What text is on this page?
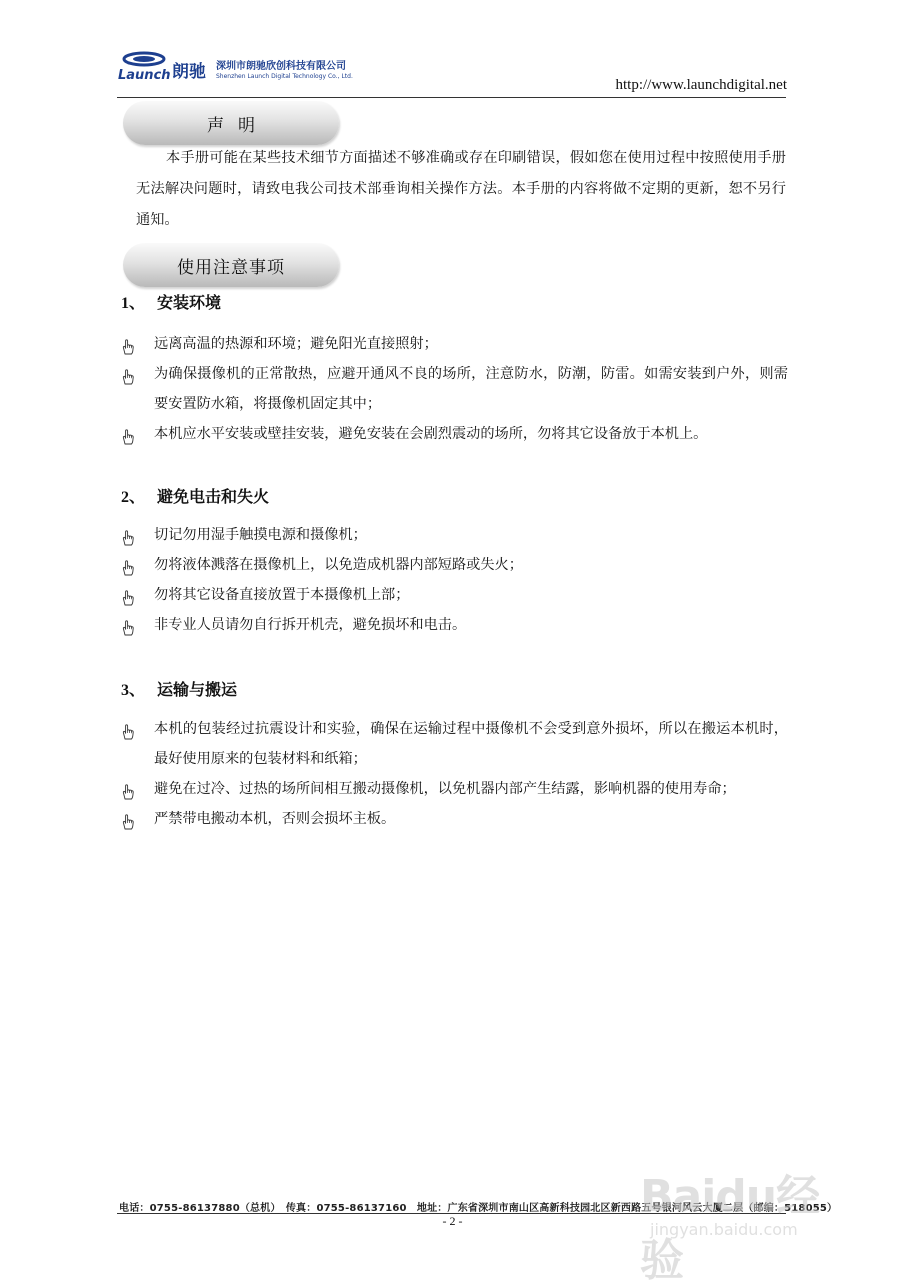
Launch 朗驰 深圳市朗驰欣创科技有限公司
Shenzhen Launch Digital Technology Co., Ltd.
http://www.launchdigital.net
声明
本手册可能在某些技术细节方面描述不够准确或存在印刷错误，假如您在使用过程中按照使用手册无法解决问题时，请致电我公司技术部垂询相关操作方法。本手册的内容将做不定期的更新，恕不另行通知。
使用注意事项
1、 安装环境
远离高温的热源和环境；避免阳光直接照射；
为确保摄像机的正常散热，应避开通风不良的场所，注意防水，防潮，防雷。如需安装到户外，则需要安置防水箱，将摄像机固定其中；
本机应水平安装或壁挂安装，避免安装在会剧烈震动的场所，勿将其它设备放于本机上。
2、 避免电击和失火
切记勿用湿手触摸电源和摄像机；
勿将液体溅落在摄像机上，以免造成机器内部短路或失火；
勿将其它设备直接放置于本摄像机上部；
非专业人员请勿自行拆开机壳，避免损坏和电击。
3、 运输与搬运
本机的包装经过抗震设计和实验，确保在运输过程中摄像机不会受到意外损坏，所以在搬运本机时，最好使用原来的包装材料和纸箱；
避免在过冷、过热的场所间相互搬动摄像机，以免机器内部产生结露，影响机器的使用寿命；
严禁带电搬动本机，否则会损坏主板。
电话：0755-86137880（总机）　传真：0755-86137160　地址：广东省深圳市南山区高新科技园北区新西路五号银河风云大厦二层（邮编：518055）
- 2 -	Baidu经验
jingyan.baidu.com
